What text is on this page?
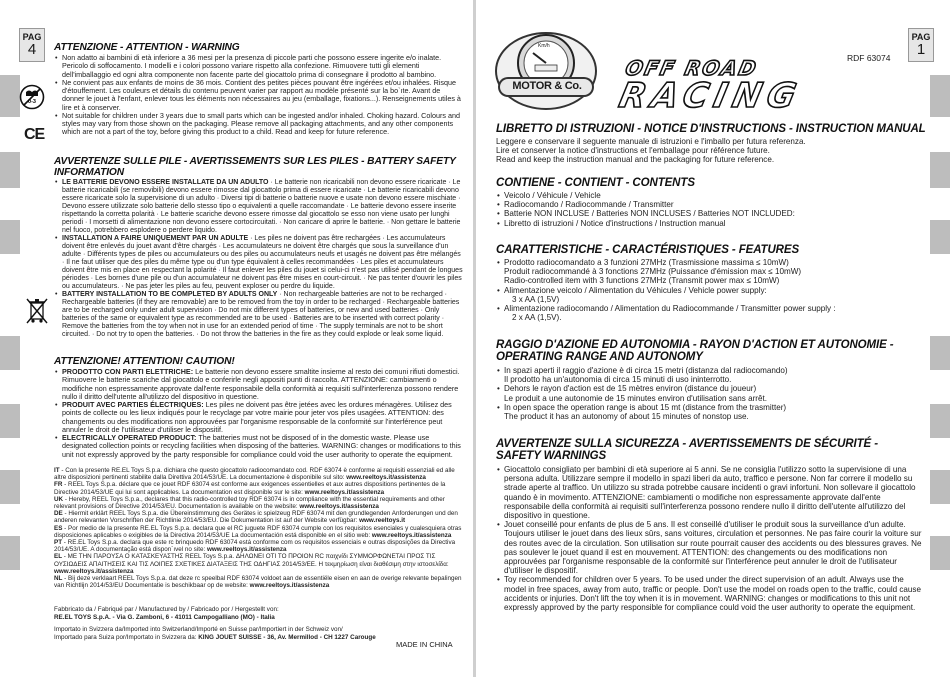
PAG
4
0-3
CE
ATTENZIONE - ATTENTION - WARNING
• Non adatto ai bambini di età inferiore a 36 mesi per la presenza di piccole parti che possono essere ingerite e/o inalate. Pericolo di soffocamento. I modelli e i colori possono variare rispetto alla confezione. Rimuovere tutti gli elementi dell'imballaggio ed ogni altra componente non facente parte del giocattolo prima di consegnare il prodotto al bambino.
• Ne convient pas aux enfants de moins de 36 mois. Contient des petites pièces pouvant être ingérées et/ou inhalées. Risque d'étouffement. Les couleurs et détails du contenu peuvent varier par rapport au modèle présenté sur la bo`ıte. Avant de donner le jouet à l'enfant, enlever tous les éléments non nécessaires au jeu (emballage, fixations...). Renseignements utiles à lire et à conserver.
• Not suitable for children under 3 years due to small parts which can be ingested and/or inhaled. Choking hazard. Colours and styles may vary from those shown on the packaging. Please remove all packaging attachments, and any other components which are not a part of the toy, before giving this product to a child. Read and keep for future reference.
AVVERTENZE SULLE PILE - AVERTISSEMENTS SUR LES PILES - BATTERY SAFETY INFORMATION
• LE BATTERIE DEVONO ESSERE INSTALLATE DA UN ADULTO · Le batterie non ricaricabili non devono essere ricaricate · Le batterie ricaricabili (se removibili) devono essere rimosse dal giocattolo prima di essere ricaricate · Le batterie ricaricabili devono essere ricaricate solo la supervisione di un adulto · Diversi tipi di batterie o batterie nuove e usate non devono essere mischiate · Devono essere utilizzate solo batterie dello stesso tipo o equivalenti a quelle raccomandate · Le batterie devono essere inserite rispettando la corretta polarità · Le batterie scariche devono essere rimosse dal giocattolo se esso non viene usato per lunghi periodi · I morsetti di alimentazione non devono essere cortocircuitati. · Non caricare di aprire le batterie. · Non gettare le batterie nel fuoco, potrebbero esplodere o perdere liquido.
• INSTALLATION A FAIRE UNIQUEMENT PAR UN ADULTE · Les piles ne doivent pas être rechargées · Les accumulateurs doivent être enlevés du jouet avant d'être chargés · Les accumulateurs ne doivent être chargés que sous la surveillance d'un adulte · Différents types de piles ou accumulateurs ou des piles ou accumulateurs neufs et usagés ne doivent pas être mélangés · Il ne faut utiliser que des piles du même type ou d'un type équivalent à celles recommandées · Les piles et accumulateurs doivent être mis en place en respectant la polarité · Il faut enlever les piles du jouet si celui-ci n'est pas utilisé pendant de longues périodes · Les bornes d'une pile ou d'un accumulateur ne doivent pas être mises en court-circuit. · Ne pas tenter d'ouvrir les piles ou accumulateurs. · Ne pas jeter les piles au feu, peuvent exploser ou perdre du liquide.
• BATTERY INSTALLATION TO BE COMPLETED BY ADULTS ONLY · Non rechargeable batteries are not to be recharged · Rechargeable batteries (if they are removable) are to be removed from the toy in order to be recharged · Rechargeable batteries are to be recharged only under adult supervision · Do not mix different types of batteries, or new and used batteries · Only batteries of the same or equivalent type as recommended are to be used · Batteries are to be inserted with correct polarity · Remove the batteries from the toy when not in use for an extended period of time · The supply terminals are not to be short circuited. · Do not try to open the batteries. · Do not throw the batteries in the fire as they could explode or leak some liquid.
ATTENZIONE! ATTENTION! CAUTION!
• PRODOTTO CON PARTI ELETTRICHE: Le batterie non devono essere smaltite insieme al resto dei comuni rifiuti domestici. Rimuovere le batterie scariche dal giocattolo e conferirle negli appositi punti di raccolta. ATTENZIONE: cambiamenti o modifiche non espressamente approvate dall'ente responsabile della conformità ai requisiti sull'interferenza possono rendere nullo il diritto dell'utente all'utilizzo del dispositivo in questione.
• PRODUIT AVEC PARTIES ÉLECTRIQUES: Les piles ne doivent pas être jetées avec les ordures ménagères. Utilisez des points de collecte ou les lieux indiqués pour le recyclage par votre mairie pour jeter vos piles usagées. ATTENTION: des changements ou des modifications non approuvées par l'organisme responsable de la conformité sur l'interférence peut annuler le droit de l'utilisateur d'utiliser le dispositif.
• ELECTRICALLY OPERATED PRODUCT: The batteries must not be disposed of in the domestic waste. Please use designated collection points or recycling facilities when disposing of the batteries. WARNING: changes or modifications to this unit not expressly approved by the party responsible for compliance could void the user authority to operate the equipment.
IT - Con la presente RE.EL Toys S.p.a. dichiara che questo giocattolo radiocomandato cod. RDF 63074 è conforme ai requisiti essenziali ed alle altre disposizioni pertinenti stabilite dalla Direttiva 2014/53/UE. La documentazione è disponibile sul sito: www.reeltoys.it/assistenza
FR - REEL Toys S.p.a. déclare que ce jouet RDF 63074 est conforme aux exigences essentielles et aux autres dispositions pertinentes de la Directive 2014/53/UE qui lui sont applicables. La documentation est disponible sur le site: www.reeltoys.it/assistenza
UK - Hereby, REEL Toys S.p.a., declares that this radio-controlled toy RDF 63074 is in compliance with the essential requirements and other relevant provisions of Directive 2014/53/EU. Documentation is available on the website: www.reeltoys.it/assistenza
DE - Hiermit erklärt REEL Toys S.p.a. die Übereinstimmung des Gerätes ic spielzeug RDF 63074 mit den grundlegenden Anforderungen und den anderen relevanten Vorschriften der Richtlinie 2014/53/EU. Die Dokumentation ist auf der Website verfügbar: www.reeltoys.it
ES - Por medio de la presente RE.EL Toys S.p.a. declara que el RC juguete RDF 63074 cumple con los requisitos esenciales y cualesquiera otras disposiciones aplicables o exigibles de la Directiva 2014/53/UE La documentación está disponible en el sitio web: www.reeltoys.it/assistenza
PT - RE.EL Toys S.p.a. declara que este rc brinquedo RDF 63074 está conforme com os requisitos essenciais e outras disposições da Directiva 2014/53/UE. A documentação está dispon´ıvel no site: www.reeltoys.it/assistenza
EL - ΜΕ ΤΗΝ ΠΑΡΟΥΣΑ Ο ΚΑΤΑΣΚΕΥΑΣΤΗΣ REEL Toys S.p.a. ΔΗΛΩΝΕΙ ΟΤΙ ΤΟ ΠΡΟΙΟΝ RC παιχνίδι ΣΥΜΜΟΡΦΩΝΕΤΑΙ ΠΡΟΣ ΤΙΣ ΟΥΣΙΩΔΕΙΣ ΑΠΑΙΤΗΣΕΙΣ ΚΑΙ ΤΙΣ ΛΟΙΠΕΣ ΣΧΕΤΙΚΕΣ ΔΙΑΤΑΞΕΙΣ ΤΗΣ ΟΔΗΓΙΑΣ 2014/53/ΕΕ. Η τεκμηρίωση είναι διαθέσιμη στην ιστοσελίδα: www.reeltoys.it/assistenza
NL - Bij deze verklaart REEL Toys S.p.a. dat deze rc speelbal RDF 63074 voldoet aan de essentiële eisen en aan de overige relevante bepalingen van Richtlijn 2014/53/EU Documentatie is beschikbaar op de website: www.reeltoys.it/assistenza
Fabbricato da / Fabriqué par / Manufactured by / Fabricado por / Hergestellt von:
RE.EL TOYS S.p.A. - Via G. Zamboni, 6 - 41011 Campogalliano (MO) - Italia
Importato in Svizzera da/Imported into Switzerland/Importé en Suisse par/Importiert in der Schweiz von/
Importado para Suiza por/Importato in Svizzera da: KING JOUET SUISSE - 36, Av. Mermillod - CH 1227 Carouge
MADE IN CHINA
PAG
1
Km/h
MOTOR & Co.
RDF 63074
OFF ROAD
RACING
LIBRETTO DI ISTRUZIONI - NOTICE D'INSTRUCTIONS - INSTRUCTION MANUAL
Leggere e conservare il seguente manuale di istruzioni e l'imballo per futura referenza.
Lire et conserver la notice d'instructions et l'emballage pour référence future.
Read and keep the instruction manual and the packaging for future reference.
CONTIENE - CONTIENT - CONTENTS
• Veicolo / Véhicule / Vehicle
• Radiocomando / Radiocommande / Transmitter
• Batterie NON INCLUSE / Batteries NON INCLUSES / Batteries NOT INCLUDED:
• Libretto di istruzioni / Notice d'instructions / Instruction manual
CARATTERISTICHE - CARACTÉRISTIQUES - FEATURES
• Prodotto radiocomandato a 3 funzioni 27MHz (Trasmissione massima ≤ 10mW)
Produit radiocommandé à 3 fonctions 27MHz (Puissance d'émission max ≤ 10mW)
Radio-controlled item with 3 functions 27MHz (Transmit power max ≤ 10mW)
• Alimentazione veicolo / Alimentation du Véhicules / Vehicle power supply:
3 x AA (1,5V)
• Alimentazione radiocomando / Alimentation du Radiocommande / Transmitter power supply :
2 x AA (1,5V).
RAGGIO D'AZIONE ED AUTONOMIA - RAYON D'ACTION ET AUTONOMIE -
OPERATING RANGE AND AUTONOMY
• In spazi aperti il raggio d'azione è di circa 15 metri (distanza dal radiocomando)
Il prodotto ha un'autonomia di circa 15 minuti di uso ininterrotto.
• Dehors le rayon d'action est de 15 mètres environ (distance du joueur)
Le produit a une autonomie de 15 minutes environ d'utilisation sans arrêt.
• In open space the operation range is about 15 mt (distance from the trasmitter)
The product it has an autonomy of about 15 minutes of nonstop use.
AVVERTENZE SULLA SICUREZZA - AVERTISSEMENTS DE SÉCURITÉ -
SAFETY WARNINGS
• Giocattolo consigliato per bambini di età superiore ai 5 anni. Se ne consiglia l'utilizzo sotto la supervisione di una persona adulta. Utilizzare sempre il modello in spazi liberi da auto, traffico e persone. Non far correre il modello su strade aperte al traffico. Un utilizzo su strada potrebbe causare incidenti o gravi infortuni. Non sollevare il giocattolo quando è in movimento. ATTENZIONE: cambiamenti o modifiche non espressamente approvate dall'ente responsabile della conformità ai requisiti sull'interferenza possono rendere nullo il diritto dell'utente all'utilizzo del dispositivo in questione.
• Jouet conseillé pour enfants de plus de 5 ans. Il est conseillé d'utiliser le produit sous la surveillance d'un adulte. Toujours utiliser le jouet dans des lieux sûrs, sans voitures, circulation et personnes. Ne pas faire courir la voiture sur des routes avec de la circulation. Son utilisation sur route pourrait causer des accidents ou des blessures graves. Ne pas soulever le jouet quand il est en mouvement. ATTENTION: des changements ou des modifications non approuvées par l'organisme responsable de la conformité sur l'interférence peut annuler le droit de l'utilisateur d'utiliser le dispositif.
• Toy recommended for children over 5 years. To be used under the direct supervision of an adult. Always use the model in free spaces, away from auto, traffic or people. Don't use the model on roads open to the traffic, could cause accidents or injuries. Don't lift the toy when it is in movement. WARNING: changes or modifications to this unit not expressly approved by the party responsible for compliance could void the user authority to operate the equipment.
